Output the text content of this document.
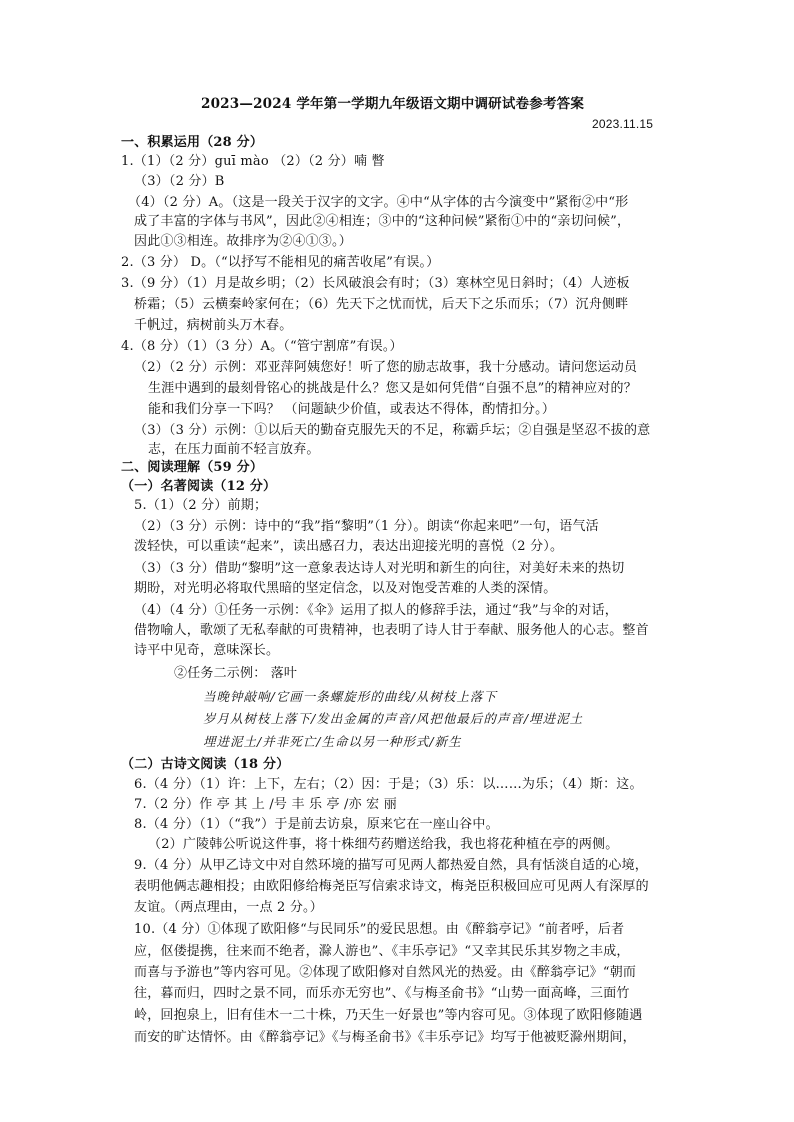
2023—2024 学年第一学期九年级语文期中调研试卷参考答案
2023.11.15
一、积累运用（28 分）
1.（1）（2 分）guī mào （2）（2 分）喃 瞥
（3）（2 分）B
（4）（2 分）A。（这是一段关于汉字的文字。④中“从字体的古今演变中”紧衔②中“形
成了丰富的字体与书风”，因此②④相连；③中的“这种问候”紧衔①中的“亲切问候”，
因此①③相连。故排序为②④①③。）
2.（3 分） D。（“以抒写不能相见的痛苦收尾”有误。）
3.（9 分）（1）月是故乡明；（2）长风破浪会有时；（3）寒林空见日斜时；（4）人迹板
桥霜；（5）云横秦岭家何在；（6）先天下之忧而忧，后天下之乐而乐；（7）沉舟侧畔
千帆过，病树前头万木春。
4.（8 分）（1）（3 分）A。（“管宁割席”有误。）
（2）（2 分）示例：邓亚萍阿姨您好！听了您的励志故事，我十分感动。请问您运动员
生涯中遇到的最刻骨铭心的挑战是什么？您又是如何凭借“自强不息”的精神应对的？
能和我们分享一下吗？ （问题缺少价值，或表达不得体，酌情扣分。）
（3）（3 分）示例：①以后天的勤奋克服先天的不足，称霸乒坛；②自强是坚忍不拔的意
志，在压力面前不轻言放弃。
二、阅读理解（59 分）
（一）名著阅读（12 分）
5.（1）（2 分）前期；
（2）（3 分）示例：诗中的“我”指“黎明”（1 分）。朗读“你起来吧”一句，语气活
泼轻快，可以重读“起来”，读出感召力，表达出迎接光明的喜悦（2 分）。
（3）（3 分）借助“黎明”这一意象表达诗人对光明和新生的向往，对美好未来的热切
期盼，对光明必将取代黑暗的坚定信念，以及对饱受苦难的人类的深情。
（4）（4 分）①任务一示例：《伞》运用了拟人的修辞手法，通过“我”与伞的对话，
借物喻人，歌颂了无私奉献的可贵精神，也表明了诗人甘于奉献、服务他人的心志。整首
诗平中见奇，意味深长。
②任务二示例： 落叶
当晚钟敲响/它画一条螺旋形的曲线/从树枝上落下
岁月从树枝上落下/发出金属的声音/风把他最后的声音/埋进泥土
埋进泥土/并非死亡/生命以另一种形式/新生
（二）古诗文阅读（18 分）
6.（4 分）（1）许：上下，左右；（2）因：于是；（3）乐：以……为乐；（4）斯：这。
7.（2 分）作 亭 其 上 /号 丰 乐 亭 /亦 宏 丽
8.（4 分）（1）（“我”）于是前去访泉，原来它在一座山谷中。
（2）广陵韩公听说这件事，将十株细芍药赠送给我，我也将花种植在亭的两侧。
9.（4 分）从甲乙诗文中对自然环境的描写可见两人都热爱自然，具有恬淡自适的心境，
表明他俩志趣相投；由欧阳修给梅尧臣写信索求诗文，梅尧臣积极回应可见两人有深厚的
友谊。（两点理由，一点 2 分。）
10.（4 分）①体现了欧阳修“与民同乐”的爱民思想。由《醉翁亭记》“前者呼，后者
应，伛偻提携，往来而不绝者，滁人游也”、《丰乐亭记》“又幸其民乐其岁物之丰成，
而喜与予游也”等内容可见。②体现了欧阳修对自然风光的热爱。由《醉翁亭记》“朝而
往，暮而归，四时之景不同，而乐亦无穷也”、《与梅圣俞书》“山势一面高峰，三面竹
岭，回抱泉上，旧有佳木一二十株，乃天生一好景也”等内容可见。③体现了欧阳修随遇
而安的旷达情怀。由《醉翁亭记》《与梅圣俞书》《丰乐亭记》均写于他被贬滁州期间，
